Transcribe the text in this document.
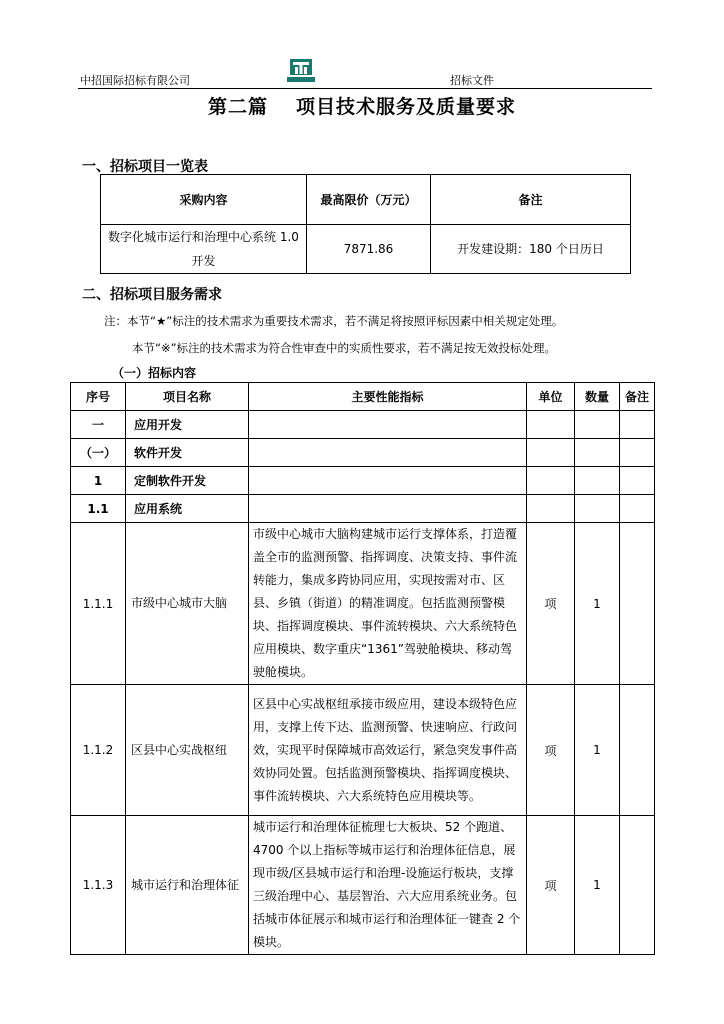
中招国际招标有限公司	招标文件
第二篇 项目技术服务及质量要求
一、招标项目一览表
采购内容	最高限价（万元）	备注
数字化城市运行和治理中心系统 1.0 开发	7871.86	开发建设期：180 个日历日
二、招标项目服务需求
注：本节“★”标注的技术需求为重要技术需求，若不满足将按照评标因素中相关规定处理。
本节“※”标注的技术需求为符合性审查中的实质性要求，若不满足按无效投标处理。
（一）招标内容
序号	项目名称	主要性能指标	单位	数量	备注
一	应用开发				
（一）	软件开发				
1	定制软件开发				
1.1	应用系统				
1.1.1	市级中心城市大脑	市级中心城市大脑构建城市运行支撑体系，打造覆盖全市的监测预警、指挥调度、决策支持、事件流转能力，集成多跨协同应用，实现按需对市、区县、乡镇（街道）的精准调度。包括监测预警模块、指挥调度模块、事件流转模块、六大系统特色应用模块、数字重庆“1361”驾驶舱模块、移动驾驶舱模块。	项	1	
1.1.2	区县中心实战枢纽	区县中心实战枢纽承接市级应用，建设本级特色应用，支撑上传下达、监测预警、快速响应、行政问效，实现平时保障城市高效运行，紧急突发事件高效协同处置。包括监测预警模块、指挥调度模块、事件流转模块、六大系统特色应用模块等。	项	1	
1.1.3	城市运行和治理体征	城市运行和治理体征梳理七大板块、52 个跑道、4700 个以上指标等城市运行和治理体征信息，展现市级/区县城市运行和治理-设施运行板块，支撑三级治理中心、基层智治、六大应用系统业务。包括城市体征展示和城市运行和治理体征一键查 2 个模块。	项	1	
